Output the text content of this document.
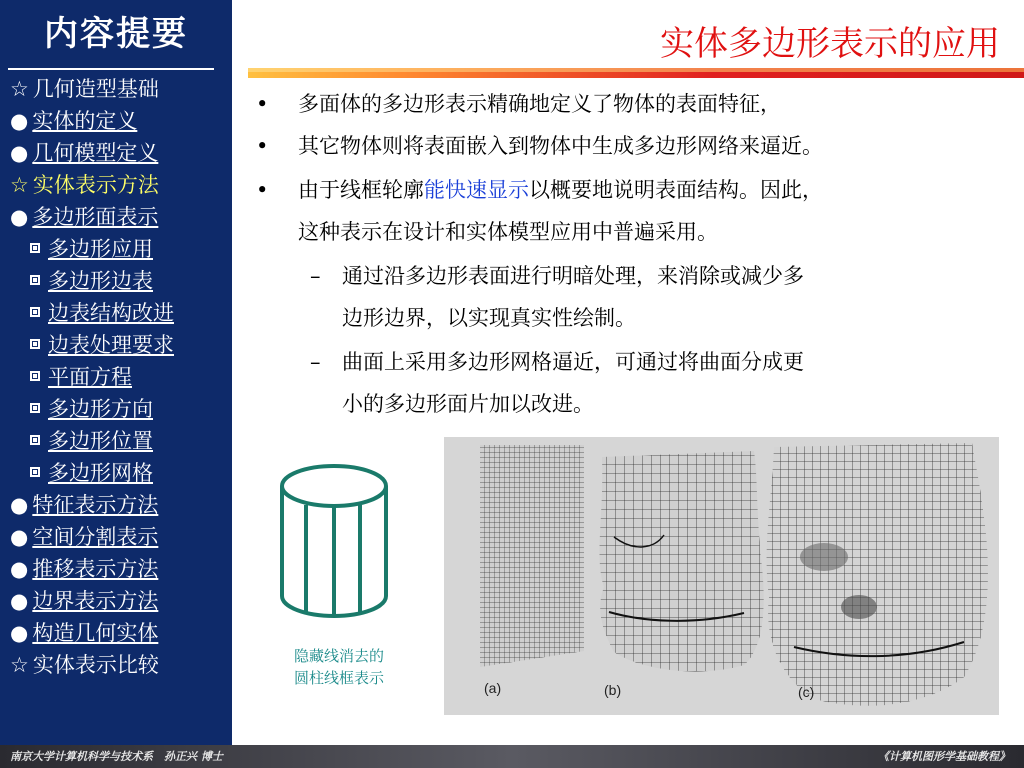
内容提要
☆ 几何造型基础
● 实体的定义
● 几何模型定义
☆ 实体表示方法
● 多边形面表示
多边形应用
多边形边表
边表结构改进
边表处理要求
平面方程
多边形方向
多边形位置
多边形网格
● 特征表示方法
● 空间分割表示
● 推移表示方法
● 边界表示方法
● 构造几何实体
☆ 实体表示比较
实体多边形表示的应用
• 多面体的多边形表示精确地定义了物体的表面特征，
• 其它物体则将表面嵌入到物体中生成多边形网络来逼近。
• 由于线框轮廓能快速显示以概要地说明表面结构。因此，
这种表示在设计和实体模型应用中普遍采用。
– 通过沿多边形表面进行明暗处理，来消除或减少多
边形边界，以实现真实性绘制。
– 曲面上采用多边形网格逼近，可通过将曲面分成更
小的多边形面片加以改进。
隐藏线消去的
圆柱线框表示
(a)	(b)	(c)
南京大学计算机科学与技术系　孙正兴 博士	《计算机图形学基础教程》
